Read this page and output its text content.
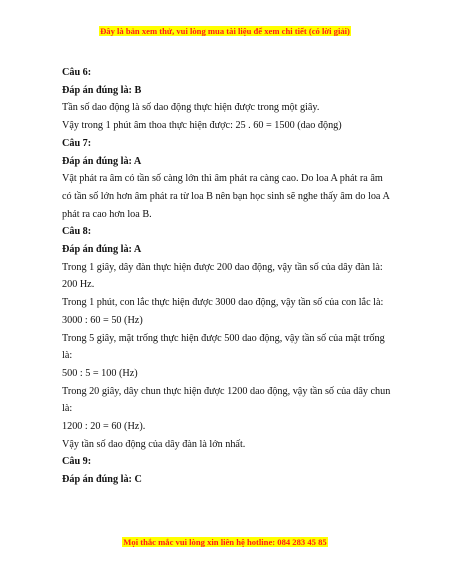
Đây là bản xem thử, vui lòng mua tài liệu để xem chi tiết (có lời giải)

Câu 6:

Đáp án đúng là: B

Tần số dao động là số dao động thực hiện được trong một giây.

Vậy trong 1 phút âm thoa thực hiện được: 25 . 60 = 1500 (dao động)

Câu 7:

Đáp án đúng là: A

Vật phát ra âm có tần số càng lớn thì âm phát ra càng cao. Do loa A phát ra âm có tần số lớn hơn âm phát ra từ loa B nên bạn học sinh sẽ nghe thấy âm do loa A phát ra cao hơn loa B.

Câu 8:

Đáp án đúng là: A

Trong 1 giây, dây đàn thực hiện được 200 dao động, vậy tần số của dây đàn là: 200 Hz.

Trong 1 phút, con lắc thực hiện được 3000 dao động, vậy tần số của con lắc là:

3000 : 60 = 50 (Hz)

Trong 5 giây, mặt trống thực hiện được 500 dao động, vậy tần số của mặt trống là:

500 : 5 = 100 (Hz)

Trong 20 giây, dây chun thực hiện được 1200 dao động, vậy tần số của dây chun là:

1200 : 20 = 60 (Hz).

Vậy tần số dao động của dây đàn là lớn nhất.

Câu 9:

Đáp án đúng là: C

Mọi thắc mắc vui lòng xin liên hệ hotline: 084 283 45 85
